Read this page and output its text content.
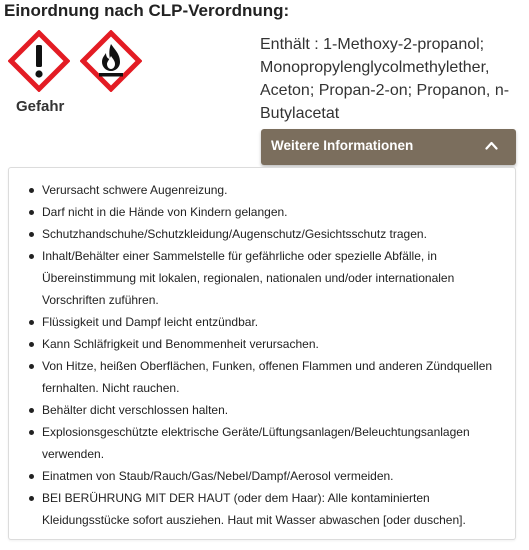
Einordnung nach CLP-Verordnung:
Gefahr
Enthält : 1-Methoxy-2-propanol; Monopropylenglycolmethylether, Aceton; Propan-2-on; Propanon, n-Butylacetat
Weitere Informationen
Verursacht schwere Augenreizung.
Darf nicht in die Hände von Kindern gelangen.
Schutzhandschuhe/Schutzkleidung/Augenschutz/Gesichtsschutz tragen.
Inhalt/Behälter einer Sammelstelle für gefährliche oder spezielle Abfälle, in Übereinstimmung mit lokalen, regionalen, nationalen und/oder internationalen Vorschriften zuführen.
Flüssigkeit und Dampf leicht entzündbar.
Kann Schläfrigkeit und Benommenheit verursachen.
Von Hitze, heißen Oberflächen, Funken, offenen Flammen und anderen Zündquellen fernhalten. Nicht rauchen.
Behälter dicht verschlossen halten.
Explosionsgeschützte elektrische Geräte/Lüftungsanlagen/Beleuchtungsanlagen verwenden.
Einatmen von Staub/Rauch/Gas/Nebel/Dampf/Aerosol vermeiden.
BEI BERÜHRUNG MIT DER HAUT (oder dem Haar): Alle kontaminierten Kleidungsstücke sofort ausziehen. Haut mit Wasser abwaschen [oder duschen].
